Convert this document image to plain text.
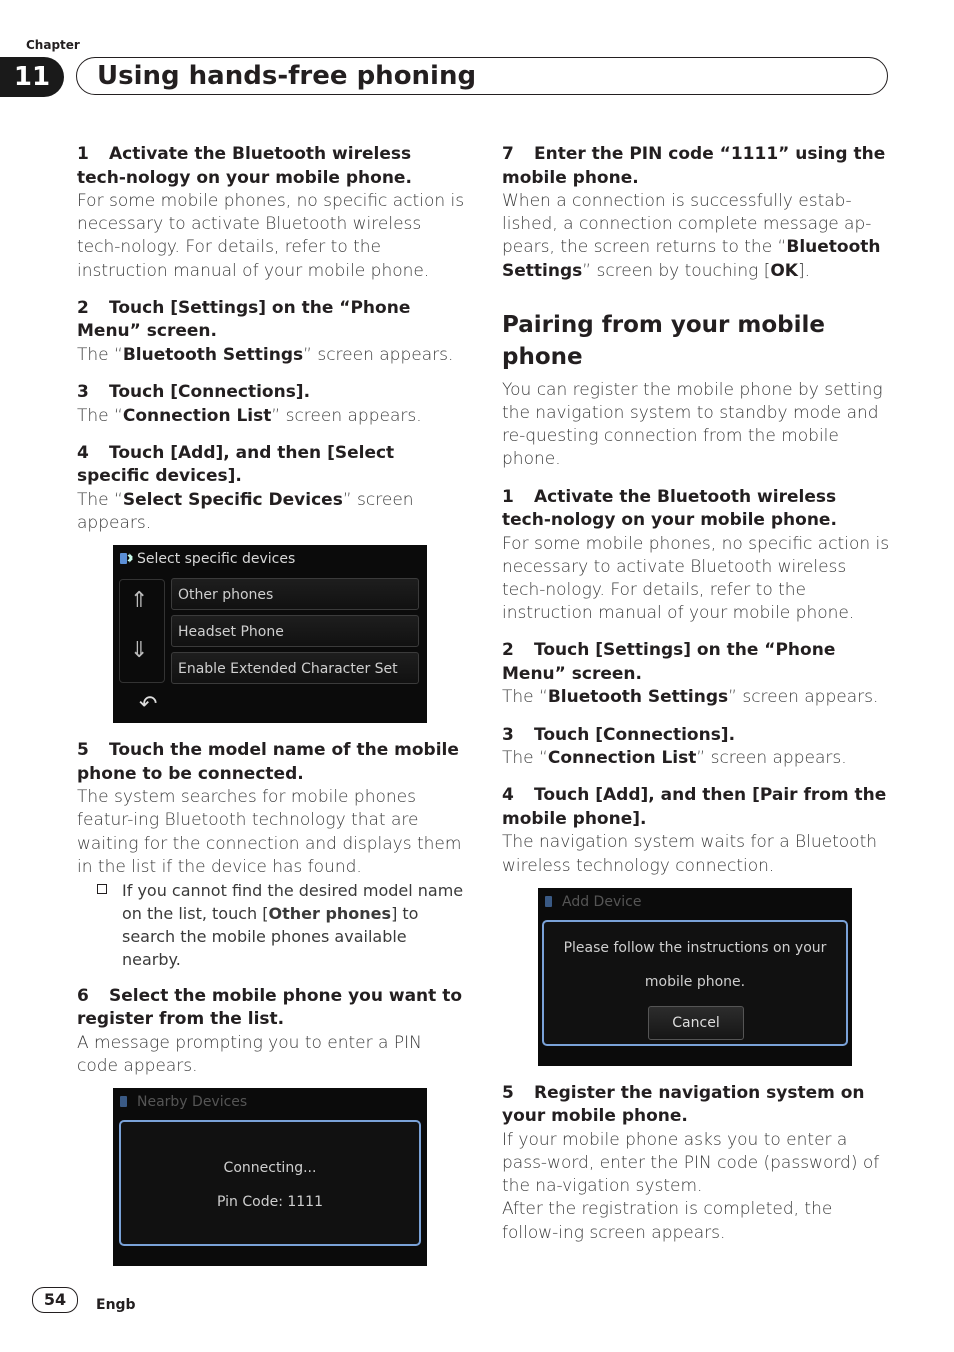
Chapter
11	Using hands-free phoning
1 Activate the Bluetooth wireless tech-nology on your mobile phone.
For some mobile phones, no specific action is necessary to activate Bluetooth wireless tech-nology. For details, refer to the instruction manual of your mobile phone.
2 Touch [Settings] on the “Phone Menu” screen.
The “Bluetooth Settings” screen appears.
3 Touch [Connections].
The “Connection List” screen appears.
4 Touch [Add], and then [Select specific devices].
The “Select Specific Devices” screen appears.
Select specific devices
⇑
⇓
Other phones
Headset Phone
Enable Extended Character Set
↶
5 Touch the model name of the mobile phone to be connected.
The system searches for mobile phones featur-ing Bluetooth technology that are waiting for the connection and displays them in the list if the device has found.
If you cannot find the desired model name on the list, touch [Other phones] to search the mobile phones available nearby.
6 Select the mobile phone you want to register from the list.
A message prompting you to enter a PIN code appears.
Nearby Devices
Connecting...
Pin Code: 1111
7 Enter the PIN code “1111” using the mobile phone.
When a connection is successfully estab-lished, a connection complete message ap-pears, the screen returns to the “Bluetooth Settings” screen by touching [OK].
Pairing from your mobile phone
You can register the mobile phone by setting the navigation system to standby mode and re-questing connection from the mobile phone.
1 Activate the Bluetooth wireless tech-nology on your mobile phone.
For some mobile phones, no specific action is necessary to activate Bluetooth wireless tech-nology. For details, refer to the instruction manual of your mobile phone.
2 Touch [Settings] on the “Phone Menu” screen.
The “Bluetooth Settings” screen appears.
3 Touch [Connections].
The “Connection List” screen appears.
4 Touch [Add], and then [Pair from the mobile phone].
The navigation system waits for a Bluetooth wireless technology connection.
Add Device
Please follow the instructions on your
mobile phone.
Cancel
5 Register the navigation system on your mobile phone.
If your mobile phone asks you to enter a pass-word, enter the PIN code (password) of the na-vigation system.
After the registration is completed, the follow-ing screen appears.
54	Engb
